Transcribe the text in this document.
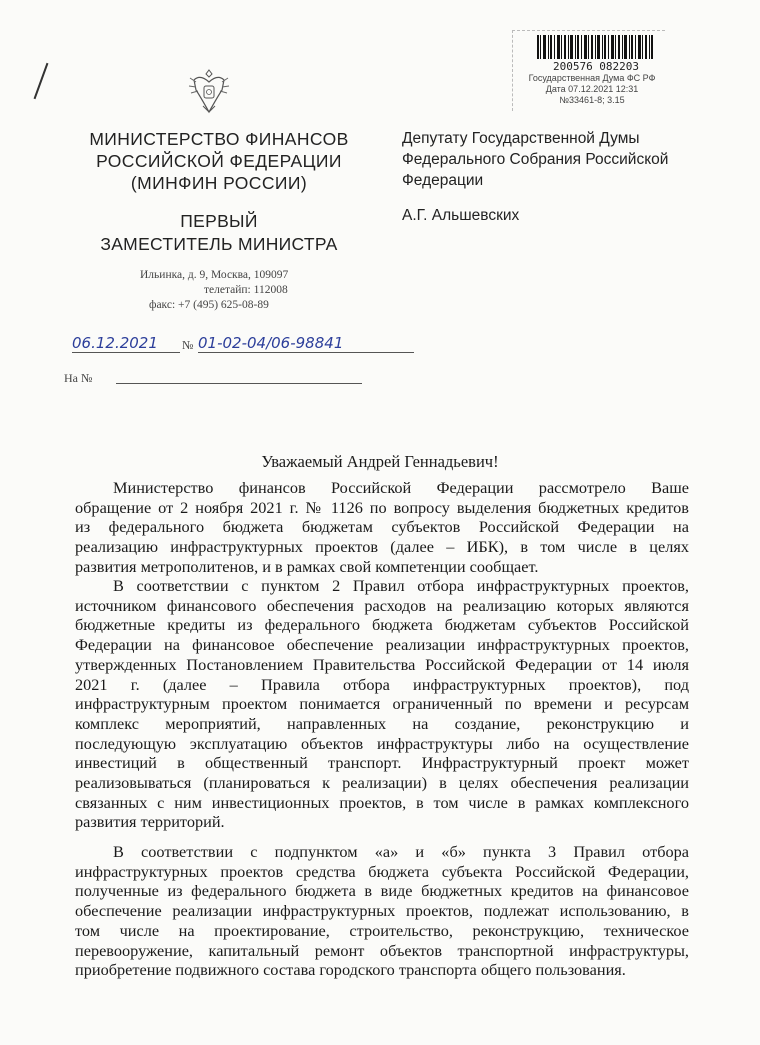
МИНИСТЕРСТВО ФИНАНСОВ
РОССИЙСКОЙ ФЕДЕРАЦИИ
(МИНФИН РОССИИ)
ПЕРВЫЙ
ЗАМЕСТИТЕЛЬ МИНИСТРА
Ильинка, д. 9, Москва, 109097
телетайп: 112008
факс: +7 (495) 625-08-89
06.12.2021	№ 01-02-04/06-98841
На №
200576 082203
Государственная Дума ФС РФ
Дата 07.12.2021 12:31
№33461-8; 3.15
Депутату Государственной Думы
Федерального Собрания Российской
Федерации
А.Г. Альшевских
Уважаемый Андрей Геннадьевич!
Министерство финансов Российской Федерации рассмотрело Ваше
обращение от 2 ноября 2021 г. № 1126 по вопросу выделения бюджетных кредитов
из федерального бюджета бюджетам субъектов Российской Федерации на
реализацию инфраструктурных проектов (далее – ИБК), в том числе в целях
развития метрополитенов, и в рамках свой компетенции сообщает.
В соответствии с пунктом 2 Правил отбора инфраструктурных проектов,
источником финансового обеспечения расходов на реализацию которых являются
бюджетные кредиты из федерального бюджета бюджетам субъектов Российской
Федерации на финансовое обеспечение реализации инфраструктурных проектов,
утвержденных Постановлением Правительства Российской Федерации от 14 июля
2021 г. (далее – Правила отбора инфраструктурных проектов), под
инфраструктурным проектом понимается ограниченный по времени и ресурсам
комплекс мероприятий, направленных на создание, реконструкцию и
последующую эксплуатацию объектов инфраструктуры либо на осуществление
инвестиций в общественный транспорт. Инфраструктурный проект может
реализовываться (планироваться к реализации) в целях обеспечения реализации
связанных с ним инвестиционных проектов, в том числе в рамках комплексного
развития территорий.
В соответствии с подпунктом «а» и «б» пункта 3 Правил отбора
инфраструктурных проектов средства бюджета субъекта Российской Федерации,
полученные из федерального бюджета в виде бюджетных кредитов на финансовое
обеспечение реализации инфраструктурных проектов, подлежат использованию, в
том числе на проектирование, строительство, реконструкцию, техническое
перевооружение, капитальный ремонт объектов транспортной инфраструктуры,
приобретение подвижного состава городского транспорта общего пользования.
